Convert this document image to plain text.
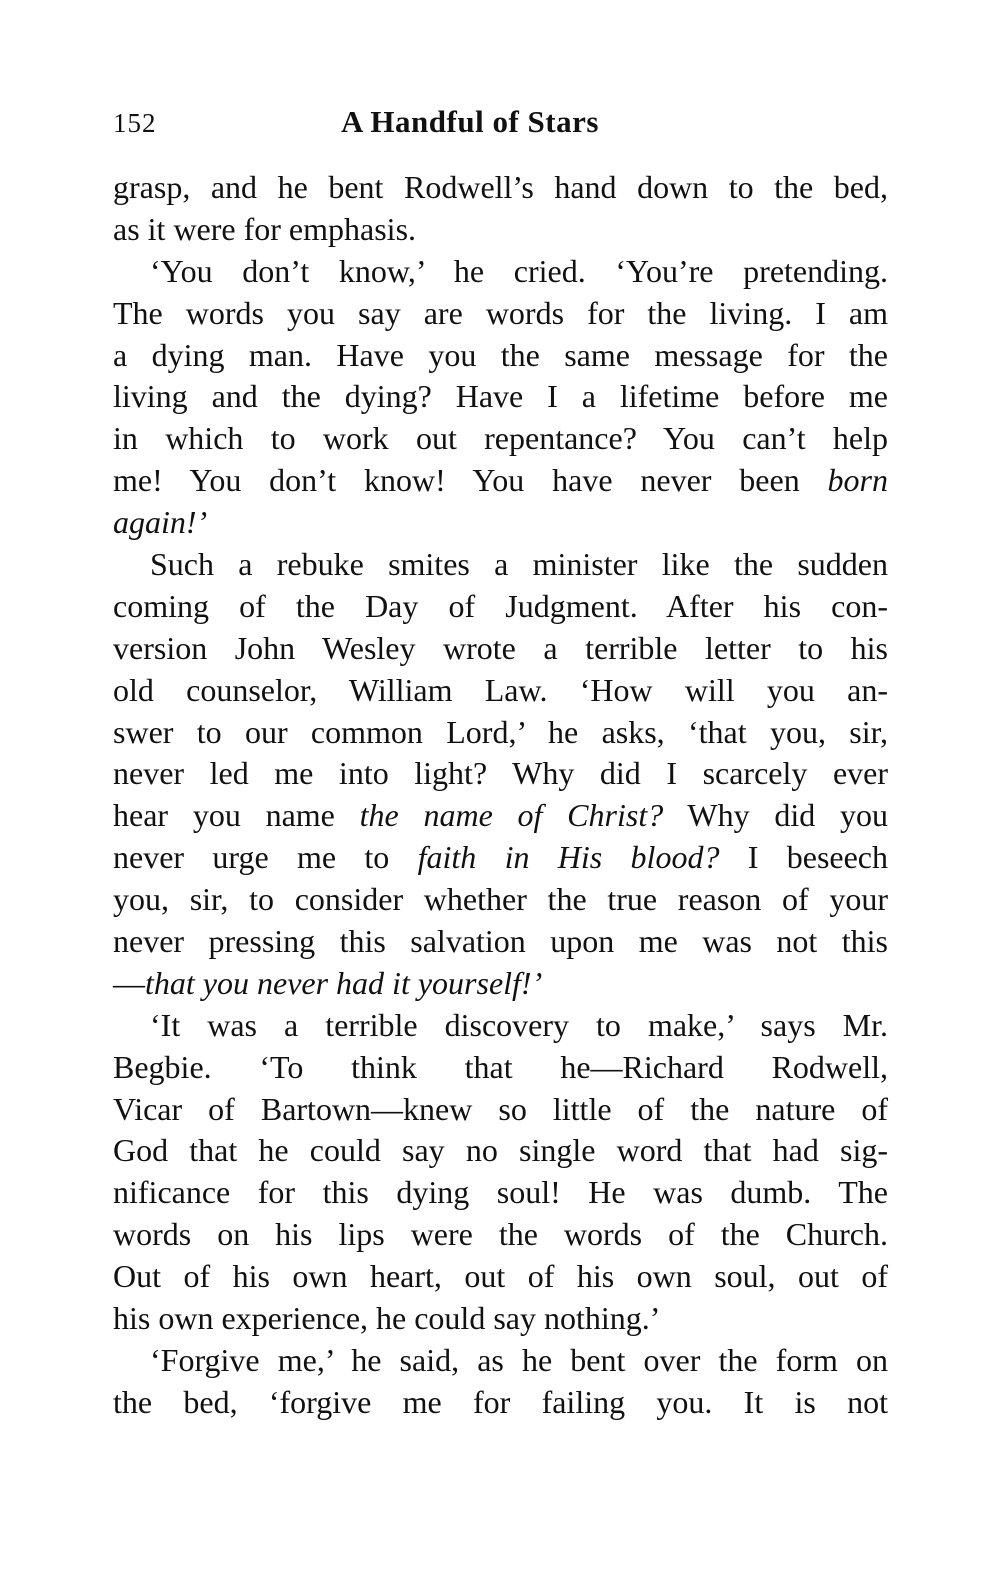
152	A Handful of Stars
grasp, and he bent Rodwell’s hand down to the bed,
as it were for emphasis.
‘You don’t know,’ he cried. ‘You’re pretending.
The words you say are words for the living. I am
a dying man. Have you the same message for the
living and the dying? Have I a lifetime before me
in which to work out repentance? You can’t help
me! You don’t know! You have never been born
again!’
Such a rebuke smites a minister like the sudden
coming of the Day of Judgment. After his con-
version John Wesley wrote a terrible letter to his
old counselor, William Law. ‘How will you an-
swer to our common Lord,’ he asks, ‘that you, sir,
never led me into light? Why did I scarcely ever
hear you name the name of Christ? Why did you
never urge me to faith in His blood? I beseech
you, sir, to consider whether the true reason of your
never pressing this salvation upon me was not this
—that you never had it yourself!’
‘It was a terrible discovery to make,’ says Mr.
Begbie. ‘To think that he—Richard Rodwell,
Vicar of Bartown—knew so little of the nature of
God that he could say no single word that had sig-
nificance for this dying soul! He was dumb. The
words on his lips were the words of the Church.
Out of his own heart, out of his own soul, out of
his own experience, he could say nothing.’
‘Forgive me,’ he said, as he bent over the form on
the bed, ‘forgive me for failing you. It is not
